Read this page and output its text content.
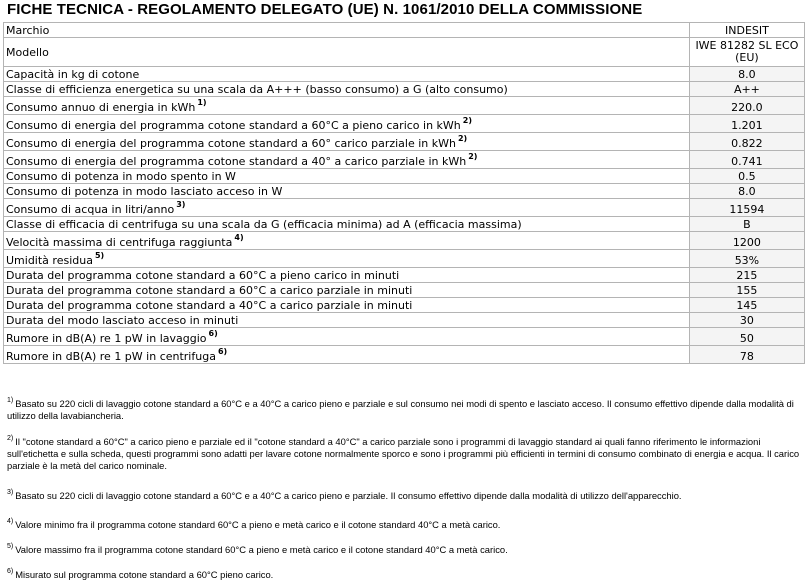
FICHE TECNICA - REGOLAMENTO DELEGATO (UE) N. 1061/2010 DELLA COMMISSIONE
Marchio	INDESIT
Modello	IWE 81282 SL ECO (EU)
Capacità in kg di cotone	8.0
Classe di efficienza energetica su una scala da A+++ (basso consumo) a G (alto consumo)	A++
Consumo annuo di energia in kWh $^{1)}$	220.0
Consumo di energia del programma cotone standard a 60°C a pieno carico in kWh $^{2)}$	1.201
Consumo di energia del programma cotone standard a 60° carico parziale in kWh $^{2)}$	0.822
Consumo di energia del programma cotone standard a 40° a carico parziale in kWh $^{2)}$	0.741
Consumo di potenza in modo spento in W	0.5
Consumo di potenza in modo lasciato acceso in W	8.0
Consumo di acqua in litri/anno $^{3)}$	11594
Classe di efficacia di centrifuga su una scala da G (efficacia minima) ad A (efficacia massima)	B
Velocità massima di centrifuga raggiunta $^{4)}$	1200
Umidità residua $^{5)}$	53%
Durata del programma cotone standard a 60°C a pieno carico in minuti	215
Durata del programma cotone standard a 60°C a carico parziale in minuti	155
Durata del programma cotone standard a 40°C a carico parziale in minuti	145
Durata del modo lasciato acceso in minuti	30
Rumore in dB(A) re 1 pW in lavaggio $^{6)}$	50
Rumore in dB(A) re 1 pW in centrifuga $^{6)}$	78

$^{1)}$ Basato su 220 cicli di lavaggio cotone standard a 60°C e a 40°C a carico pieno e parziale e sul consumo nei modi di spento e lasciato acceso. Il consumo effettivo dipende dalla modalità di utilizzo della lavabiancheria.

$^{2)}$ Il "cotone standard a 60°C" a carico pieno e parziale ed il "cotone standard a 40°C" a carico parziale sono i programmi di lavaggio standard ai quali fanno riferimento le informazioni sull'etichetta e sulla scheda, questi programmi sono adatti per lavare cotone normalmente sporco e sono i programmi più efficienti in termini di consumo combinato di energia e acqua. Il carico parziale è la metà del carico nominale.

$^{3)}$ Basato su 220 cicli di lavaggio cotone standard a 60°C e a 40°C a carico pieno e parziale. Il consumo effettivo dipende dalla modalità di utilizzo dell'apparecchio.

$^{4)}$ Valore minimo fra il programma cotone standard 60°C a pieno e metà carico e il cotone standard 40°C a metà carico.

$^{5)}$ Valore massimo fra il programma cotone standard 60°C a pieno e metà carico e il cotone standard 40°C a metà carico.

$^{6)}$ Misurato sul programma cotone standard a 60°C pieno carico.
